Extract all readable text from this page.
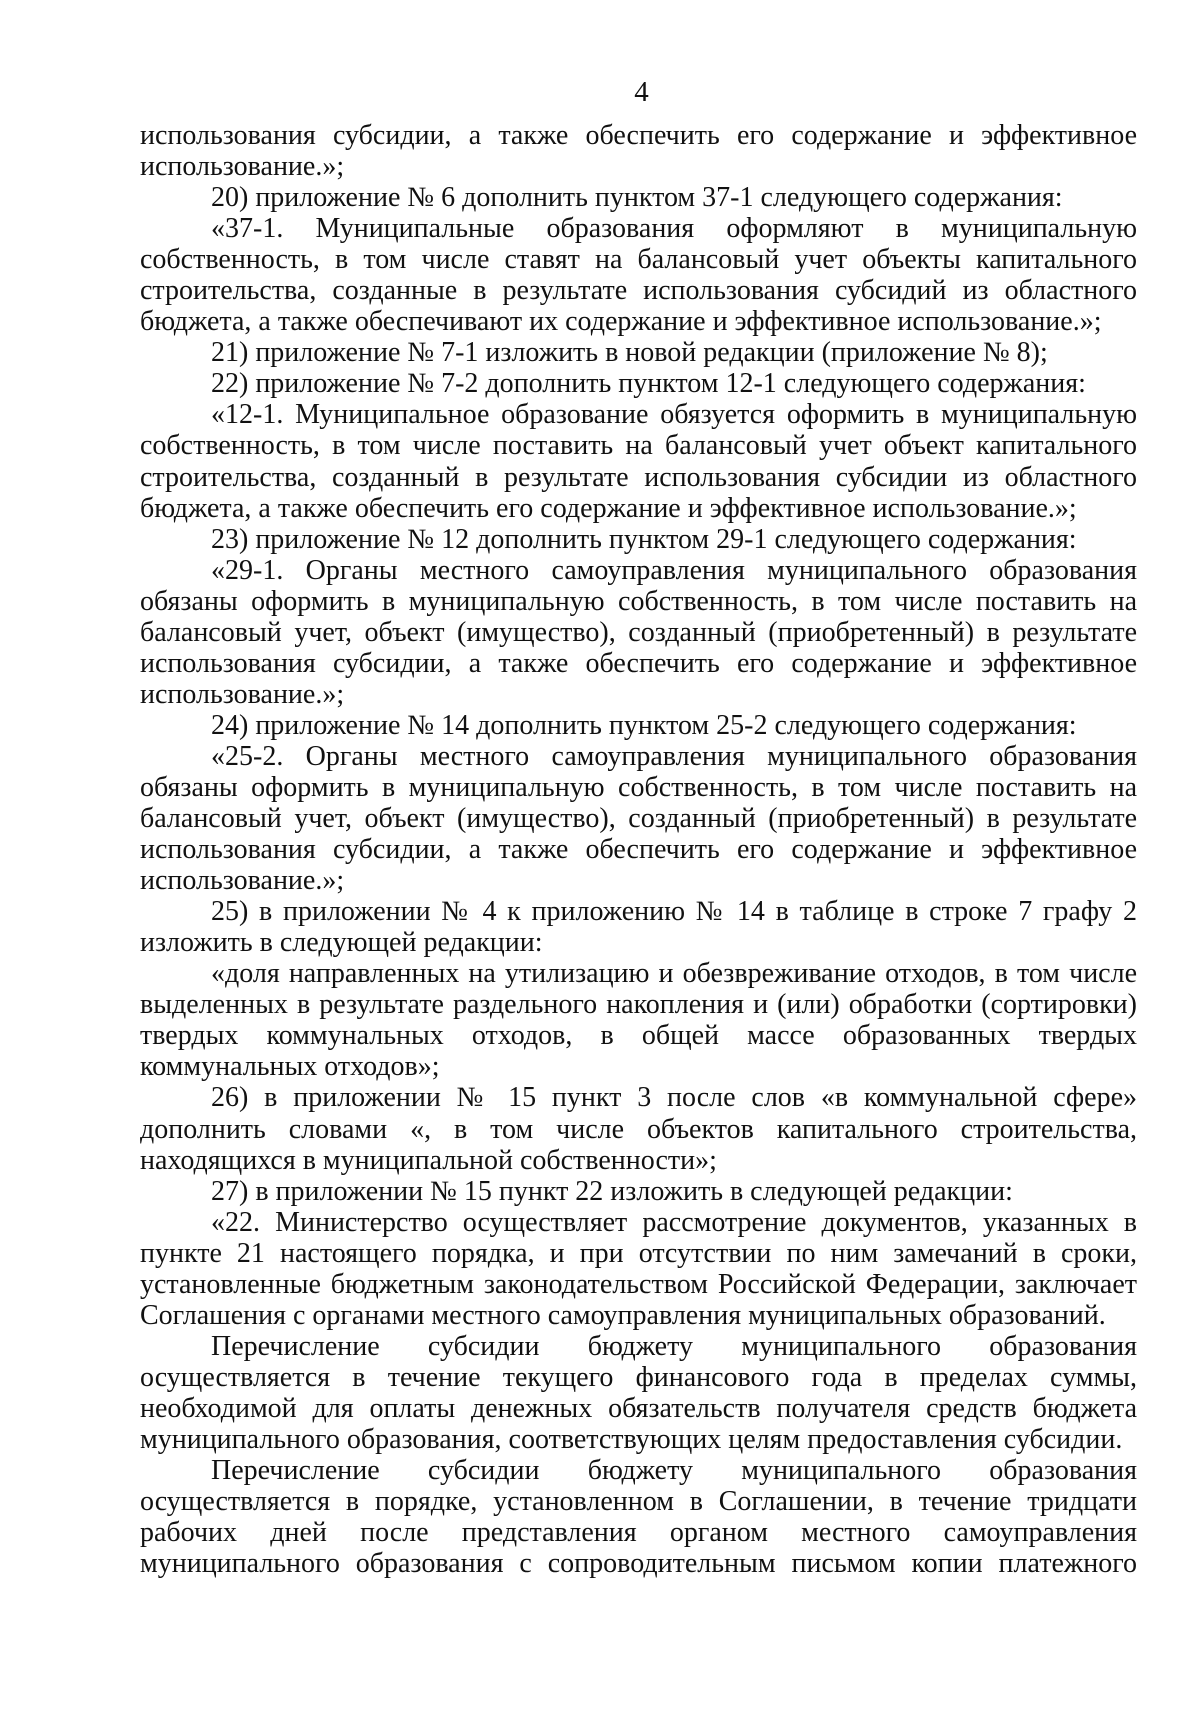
4

использования субсидии, а также обеспечить его содержание и эффективное использование.»;

20) приложение № 6 дополнить пунктом 37-1 следующего содержания:

«37-1. Муниципальные образования оформляют в муниципальную собственность, в том числе ставят на балансовый учет объекты капитального строительства, созданные в результате использования субсидий из областного бюджета, а также обеспечивают их содержание и эффективное использование.»;

21) приложение № 7-1 изложить в новой редакции (приложение № 8);

22) приложение № 7-2 дополнить пунктом 12-1 следующего содержания:

«12-1. Муниципальное образование обязуется оформить в муниципальную собственность, в том числе поставить на балансовый учет объект капитального строительства, созданный в результате использования субсидии из областного бюджета, а также обеспечить его содержание и эффективное использование.»;

23) приложение № 12 дополнить пунктом 29-1 следующего содержания:

«29-1. Органы местного самоуправления муниципального образования обязаны оформить в муниципальную собственность, в том числе поставить на балансовый учет, объект (имущество), созданный (приобретенный) в результате использования субсидии, а также обеспечить его содержание и эффективное использование.»;

24) приложение № 14 дополнить пунктом 25-2 следующего содержания:

«25-2. Органы местного самоуправления муниципального образования обязаны оформить в муниципальную собственность, в том числе поставить на балансовый учет, объект (имущество), созданный (приобретенный) в результате использования субсидии, а также обеспечить его содержание и эффективное использование.»;

25) в приложении № 4 к приложению № 14 в таблице в строке 7 графу 2 изложить в следующей редакции:

«доля направленных на утилизацию и обезвреживание отходов, в том числе выделенных в результате раздельного накопления и (или) обработки (сортировки) твердых коммунальных отходов, в общей массе образованных твердых коммунальных отходов»;

26) в приложении № 15 пункт 3 после слов «в коммунальной сфере» дополнить словами «, в том числе объектов капитального строительства, находящихся в муниципальной собственности»;

27) в приложении № 15 пункт 22 изложить в следующей редакции:

«22. Министерство осуществляет рассмотрение документов, указанных в пункте 21 настоящего порядка, и при отсутствии по ним замечаний в сроки, установленные бюджетным законодательством Российской Федерации, заключает Соглашения с органами местного самоуправления муниципальных образований.

Перечисление субсидии бюджету муниципального образования осуществляется в течение текущего финансового года в пределах суммы, необходимой для оплаты денежных обязательств получателя средств бюджета муниципального образования, соответствующих целям предоставления субсидии.

Перечисление субсидии бюджету муниципального образования осуществляется в порядке, установленном в Соглашении, в течение тридцати рабочих дней после представления органом местного самоуправления муниципального образования с сопроводительным письмом копии платежного
